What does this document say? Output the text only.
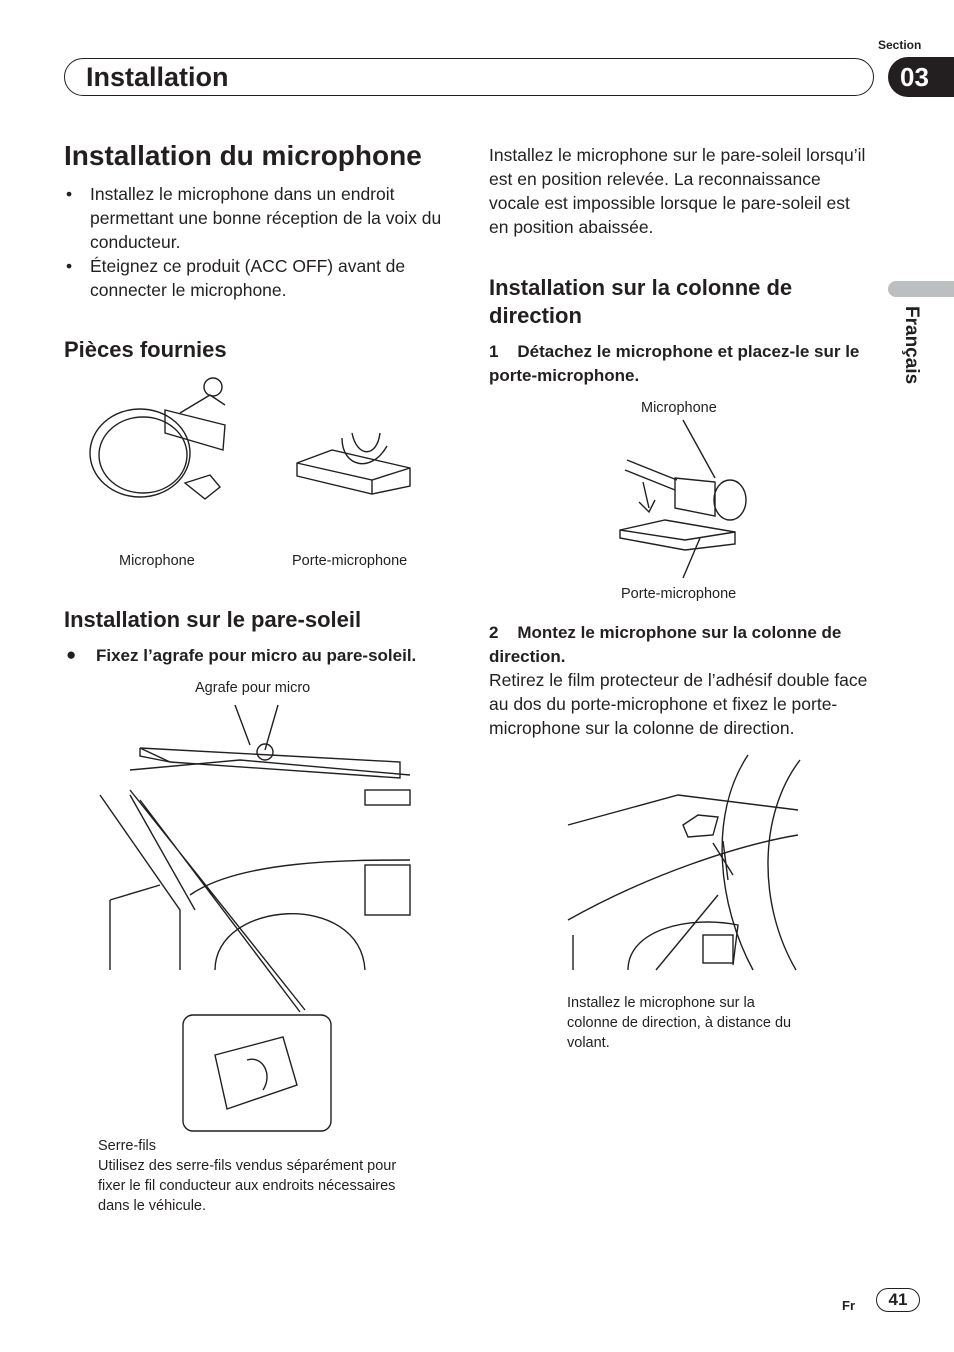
Section
Installation	03
Français
Installation du microphone
• Installez le microphone dans un endroit permettant une bonne réception de la voix du conducteur.
• Éteignez ce produit (ACC OFF) avant de connecter le microphone.
Pièces fournies
Microphone	Porte-microphone
Installation sur le pare-soleil
● Fixez l’agrafe pour micro au pare-soleil.
Agrafe pour micro
Serre-fils
Utilisez des serre-fils vendus séparément pour fixer le fil conducteur aux endroits nécessaires dans le véhicule.
Installez le microphone sur le pare-soleil lorsqu’il est en position relevée. La reconnaissance vocale est impossible lorsque le pare-soleil est en position abaissée.
Installation sur la colonne de direction
1 Détachez le microphone et placez-le sur le porte-microphone.
Microphone
Porte-microphone
2 Montez le microphone sur la colonne de direction.
Retirez le film protecteur de l’adhésif double face au dos du porte-microphone et fixez le porte-microphone sur la colonne de direction.
Installez le microphone sur la colonne de direction, à distance du volant.
Fr	41
